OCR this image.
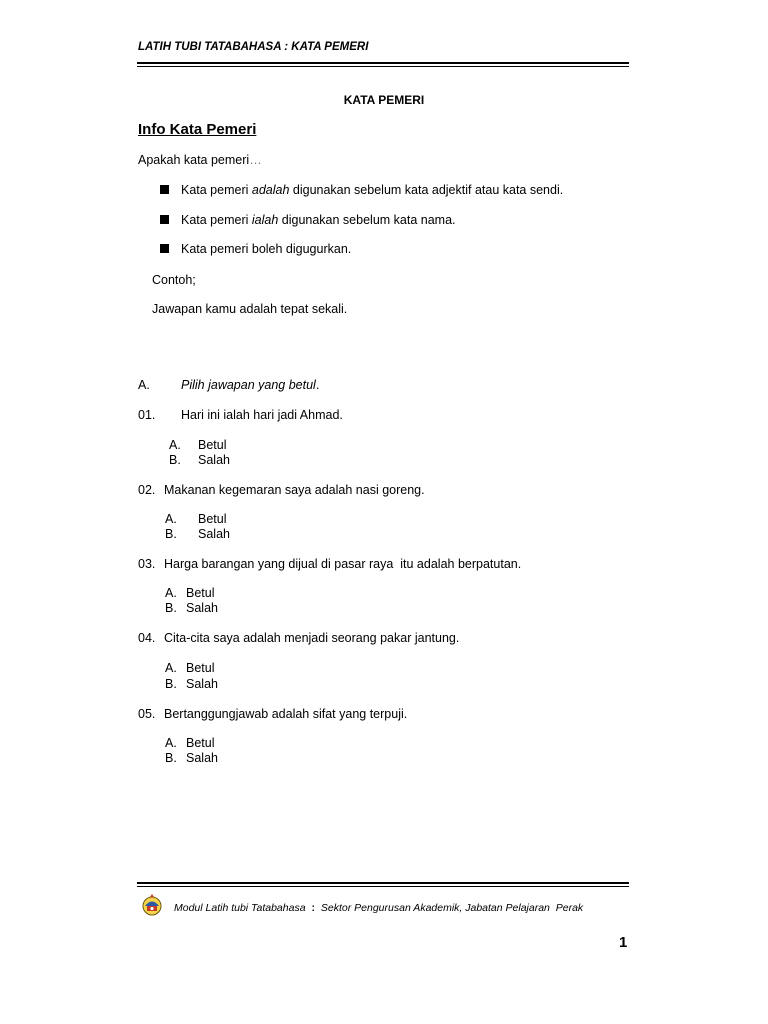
LATIH TUBI TATABAHASA : KATA PEMERI
KATA PEMERI
Info Kata Pemeri
Apakah kata pemeri…
Kata pemeri adalah digunakan sebelum kata adjektif atau kata sendi.
Kata pemeri ialah digunakan sebelum kata nama.
Kata pemeri boleh digugurkan.
Contoh;
Jawapan kamu adalah tepat sekali.
A. Pilih jawapan yang betul.
01. Hari ini ialah hari jadi Ahmad.
A. Betul
B. Salah
02. Makanan kegemaran saya adalah nasi goreng.
A. Betul
B. Salah
03. Harga barangan yang dijual di pasar raya  itu adalah berpatutan.
A. Betul
B. Salah
04. Cita-cita saya adalah menjadi seorang pakar jantung.
A. Betul
B. Salah
05. Bertanggungjawab adalah sifat yang terpuji.
A. Betul
B. Salah
Modul Latih tubi Tatabahasa : Sektor Pengurusan Akademik, Jabatan Pelajaran  Perak
1
